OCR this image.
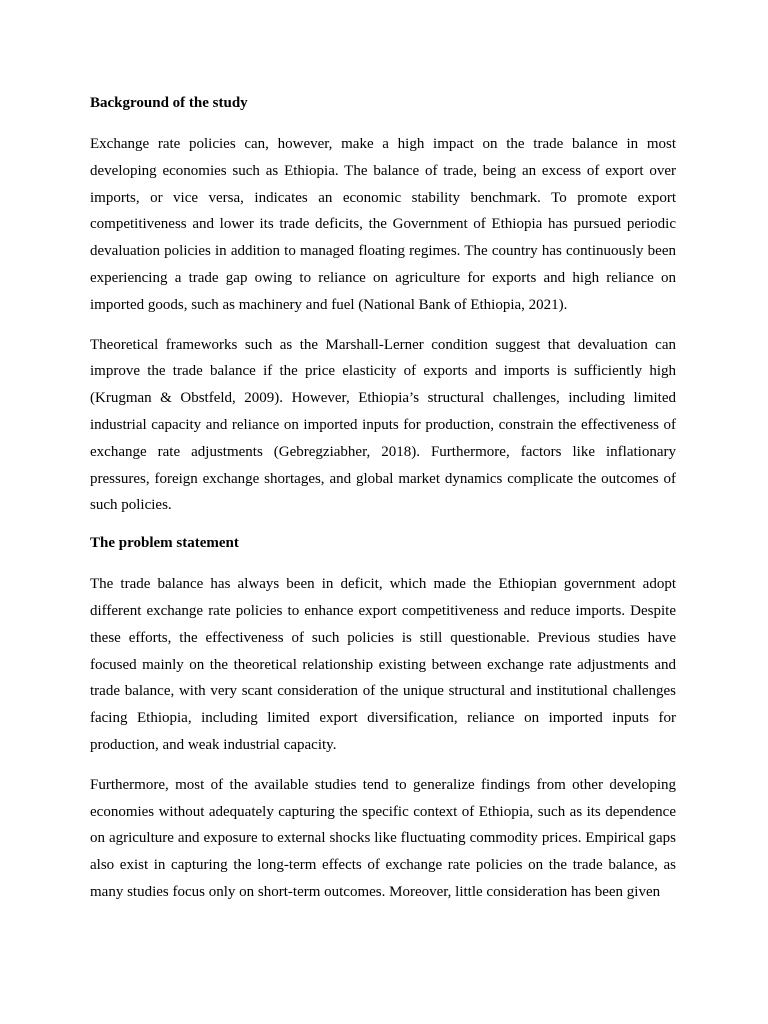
Background of the study

Exchange rate policies can, however, make a high impact on the trade balance in most developing economies such as Ethiopia. The balance of trade, being an excess of export over imports, or vice versa, indicates an economic stability benchmark. To promote export competitiveness and lower its trade deficits, the Government of Ethiopia has pursued periodic devaluation policies in addition to managed floating regimes. The country has continuously been experiencing a trade gap owing to reliance on agriculture for exports and high reliance on imported goods, such as machinery and fuel (National Bank of Ethiopia, 2021).

Theoretical frameworks such as the Marshall-Lerner condition suggest that devaluation can improve the trade balance if the price elasticity of exports and imports is sufficiently high (Krugman & Obstfeld, 2009). However, Ethiopia’s structural challenges, including limited industrial capacity and reliance on imported inputs for production, constrain the effectiveness of exchange rate adjustments (Gebregziabher, 2018). Furthermore, factors like inflationary pressures, foreign exchange shortages, and global market dynamics complicate the outcomes of such policies.

The problem statement

The trade balance has always been in deficit, which made the Ethiopian government adopt different exchange rate policies to enhance export competitiveness and reduce imports. Despite these efforts, the effectiveness of such policies is still questionable. Previous studies have focused mainly on the theoretical relationship existing between exchange rate adjustments and trade balance, with very scant consideration of the unique structural and institutional challenges facing Ethiopia, including limited export diversification, reliance on imported inputs for production, and weak industrial capacity.

Furthermore, most of the available studies tend to generalize findings from other developing economies without adequately capturing the specific context of Ethiopia, such as its dependence on agriculture and exposure to external shocks like fluctuating commodity prices. Empirical gaps also exist in capturing the long-term effects of exchange rate policies on the trade balance, as many studies focus only on short-term outcomes. Moreover, little consideration has been given
